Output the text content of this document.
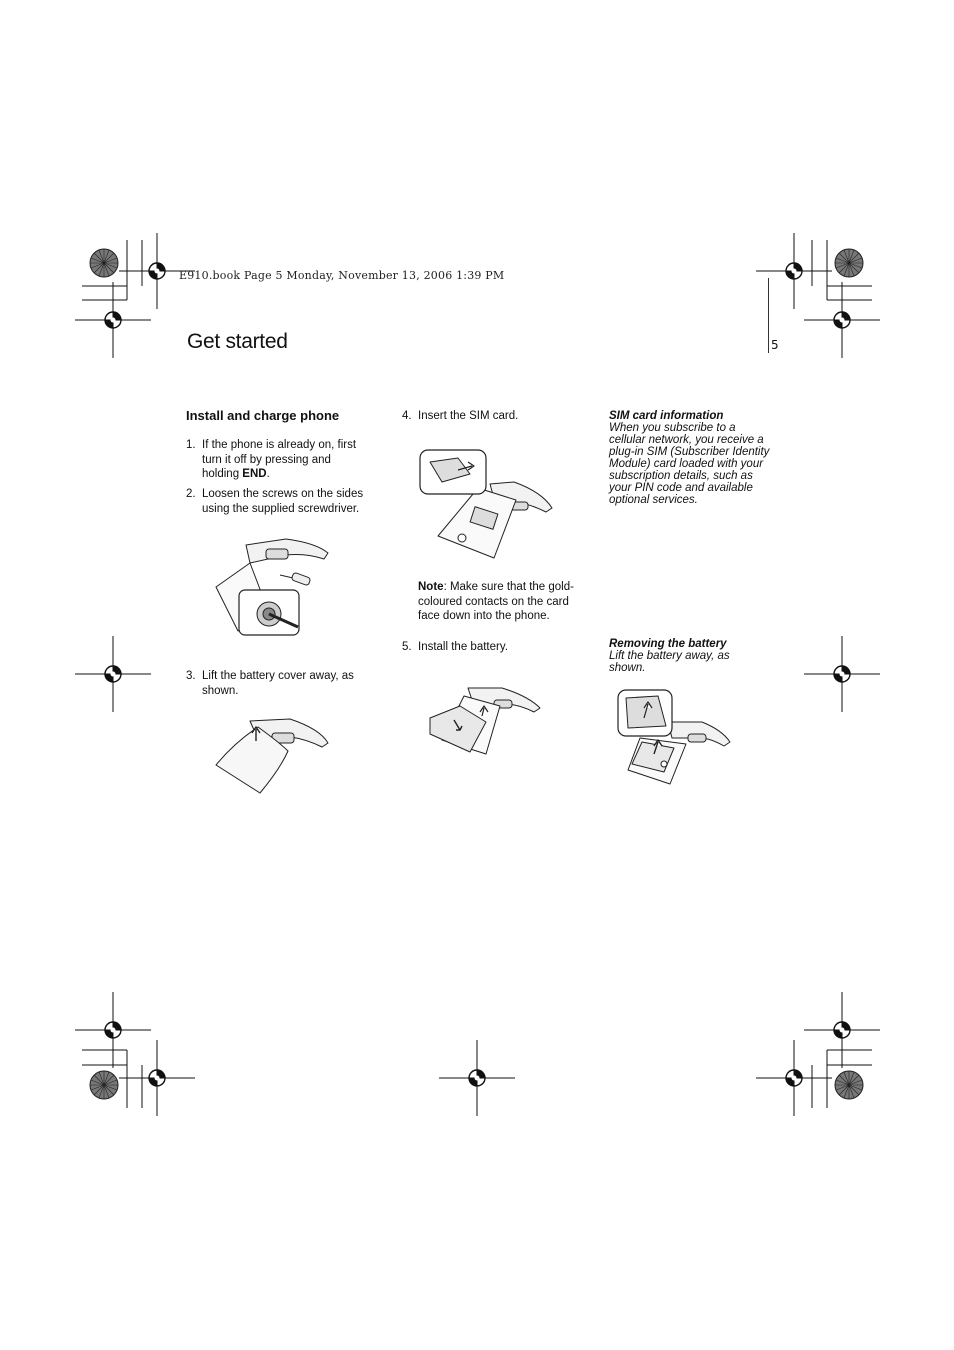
E910.book Page 5 Monday, November 13, 2006 1:39 PM
5
Get started
Install and charge phone
1. If the phone is already on, first turn it off by pressing and holding END.
2. Loosen the screws on the sides using the supplied screwdriver.
3. Lift the battery cover away, as shown.
4. Insert the SIM card.
Note: Make sure that the gold-coloured contacts on the card face down into the phone.
5. Install the battery.
SIM card information
When you subscribe to a cellular network, you receive a plug-in SIM (Subscriber Identity Module) card loaded with your subscription details, such as your PIN code and available optional services.
Removing the battery
Lift the battery away, as shown.
